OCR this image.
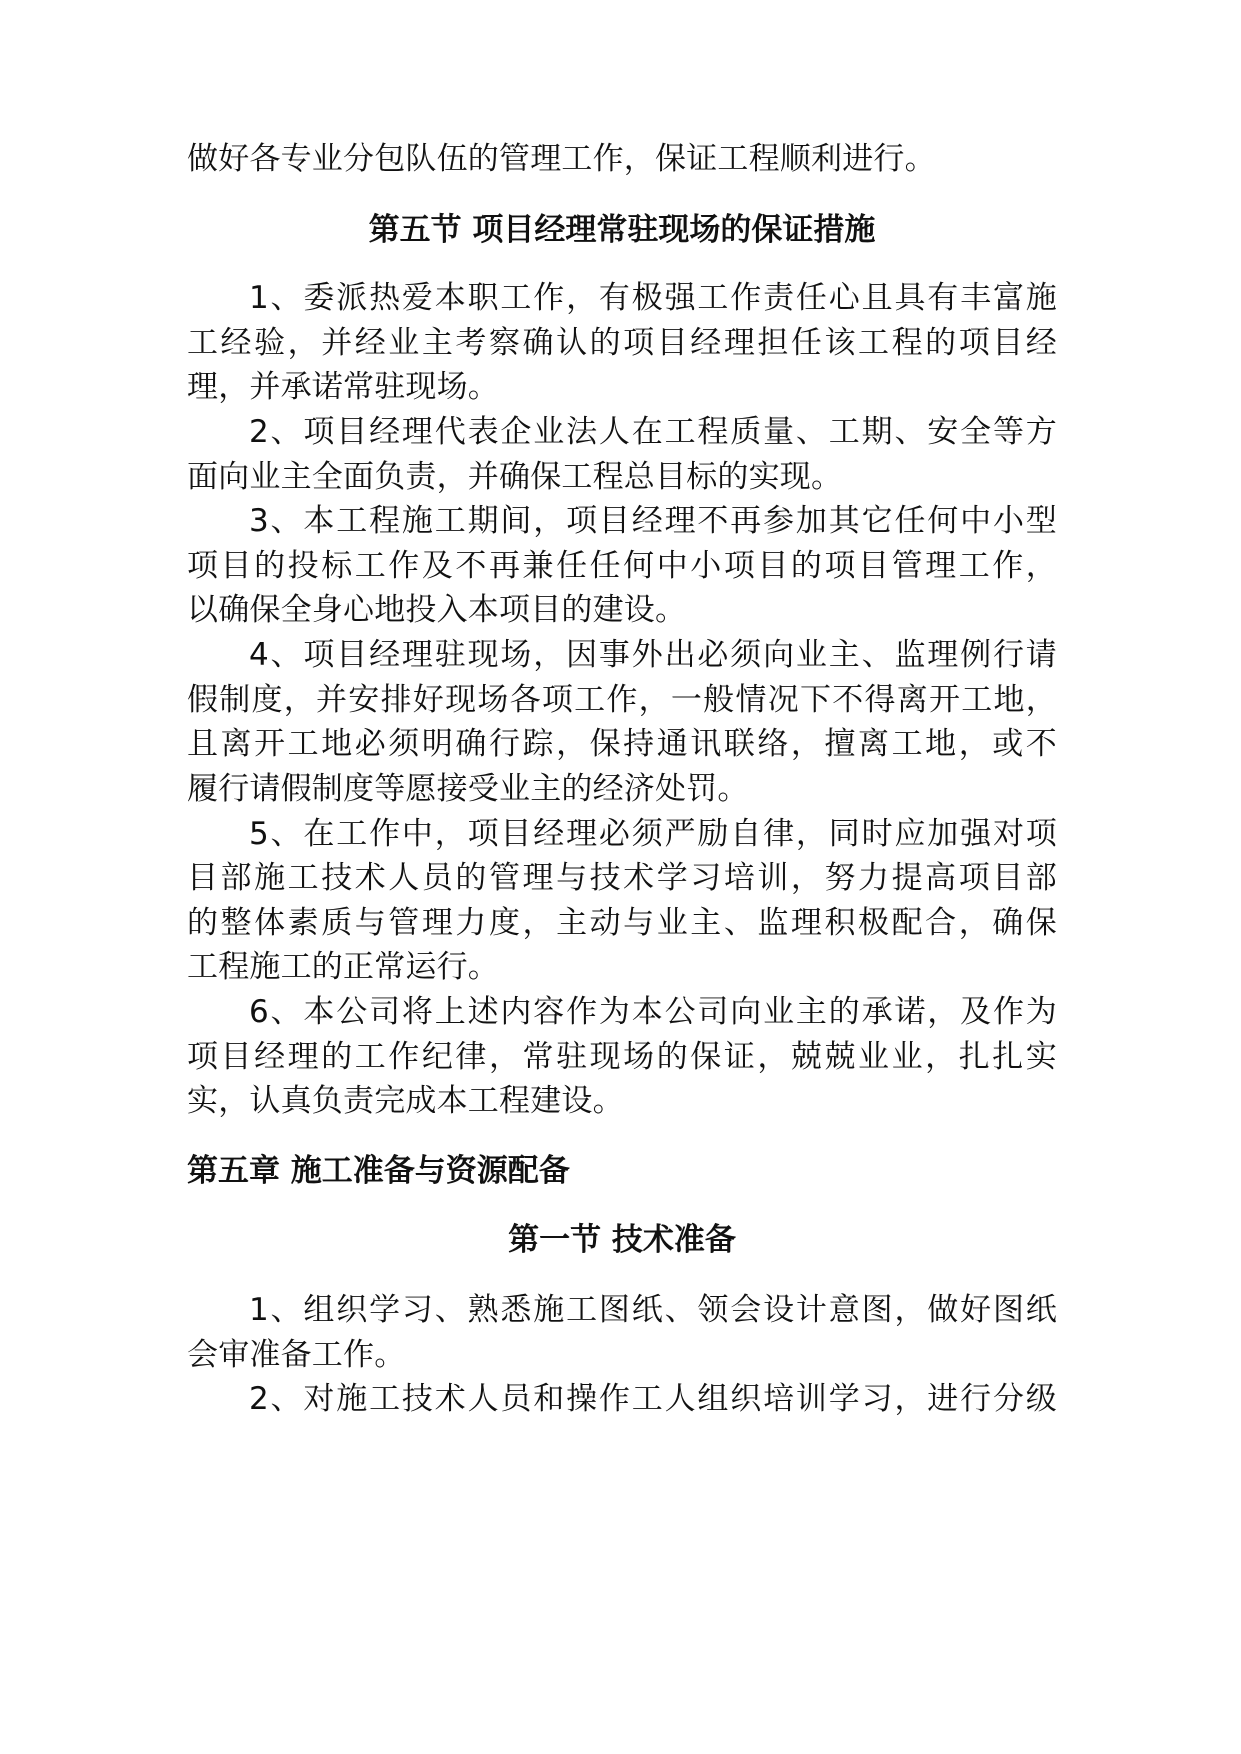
做好各专业分包队伍的管理工作，保证工程顺利进行。
第五节 项目经理常驻现场的保证措施
1、委派热爱本职工作，有极强工作责任心且具有丰富施
工经验，并经业主考察确认的项目经理担任该工程的项目经
理，并承诺常驻现场。
2、项目经理代表企业法人在工程质量、工期、安全等方
面向业主全面负责，并确保工程总目标的实现。
3、本工程施工期间，项目经理不再参加其它任何中小型
项目的投标工作及不再兼任任何中小项目的项目管理工作，
以确保全身心地投入本项目的建设。
4、项目经理驻现场，因事外出必须向业主、监理例行请
假制度，并安排好现场各项工作，一般情况下不得离开工地，
且离开工地必须明确行踪，保持通讯联络，擅离工地，或不
履行请假制度等愿接受业主的经济处罚。
5、在工作中，项目经理必须严励自律，同时应加强对项
目部施工技术人员的管理与技术学习培训，努力提高项目部
的整体素质与管理力度，主动与业主、监理积极配合，确保
工程施工的正常运行。
6、本公司将上述内容作为本公司向业主的承诺，及作为
项目经理的工作纪律，常驻现场的保证，兢兢业业，扎扎实
实，认真负责完成本工程建设。
第五章 施工准备与资源配备
第一节 技术准备
1、组织学习、熟悉施工图纸、领会设计意图，做好图纸
会审准备工作。
2、对施工技术人员和操作工人组织培训学习，进行分级
